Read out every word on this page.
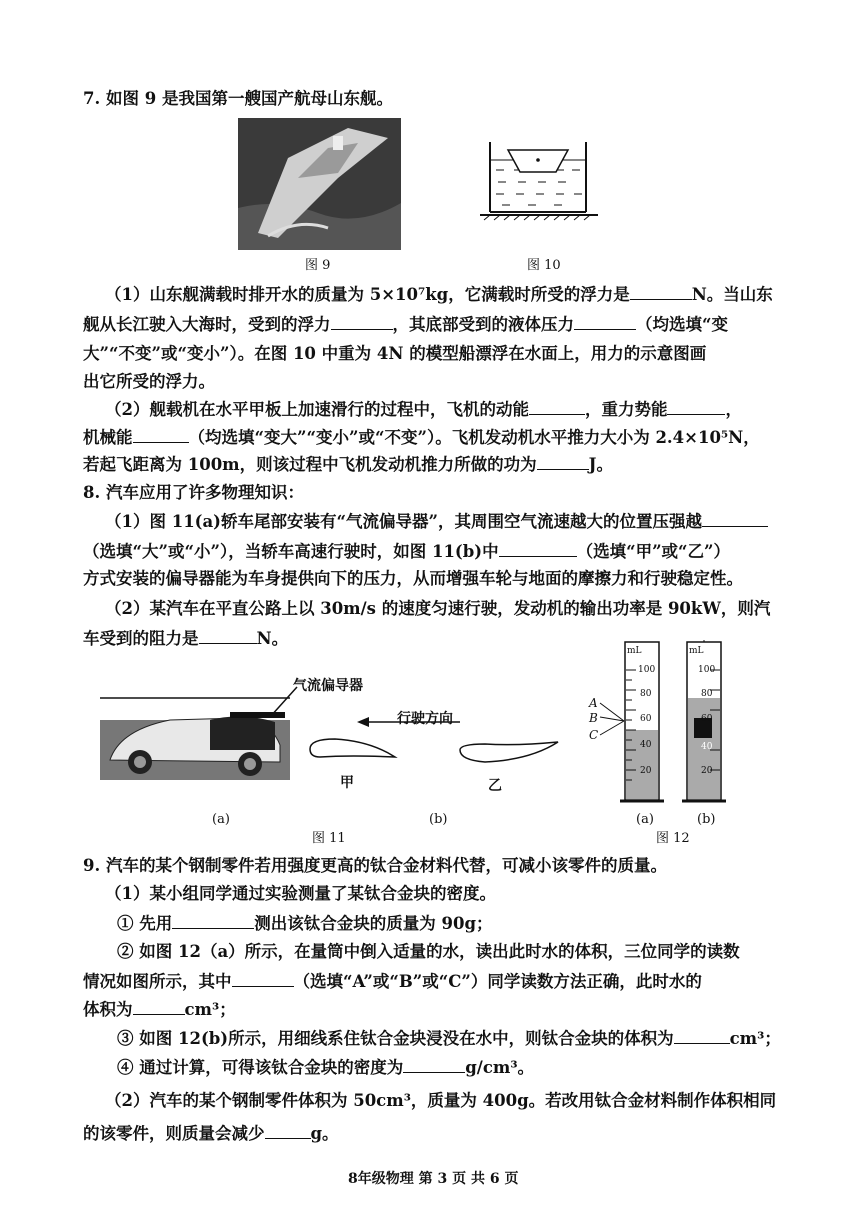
7. 如图 9 是我国第一艘国产航母山东舰。
图 9	图 10
（1）山东舰满载时排开水的质量为 5×10⁷kg，它满载时所受的浮力是	N。当山东
舰从长江驶入大海时，受到的浮力	，其底部受到的液体压力	（均选填“变
大”“不变”或“变小”）。在图 10 中重为 4N 的模型船漂浮在水面上，用力的示意图画
出它所受的浮力。
（2）舰载机在水平甲板上加速滑行的过程中，飞机的动能	，重力势能	，
机械能	（均选填“变大”“变小”或“不变”）。飞机发动机水平推力大小为 2.4×10⁵N，
若起飞距离为 100m，则该过程中飞机发动机推力所做的功为	J。
8. 汽车应用了许多物理知识：
（1）图 11(a)轿车尾部安装有“气流偏导器”，其周围空气流速越大的位置压强越
（选填“大”或“小”），当轿车高速行驶时，如图 11(b)中	（选填“甲”或“乙”）
方式安装的偏导器能为车身提供向下的压力，从而增强车轮与地面的摩擦力和行驶稳定性。
（2）某汽车在平直公路上以 30m/s 的速度匀速行驶，发动机的输出功率是 90kW，则汽
车受到的阻力是	N。
气流偏导器
(a)
行驶方向
甲	乙
(b)
图 11
mL
100
80
60
40
20
A
B
C
(a)
mL
100
80
60
40
20
(b)
图 12
9. 汽车的某个钢制零件若用强度更高的钛合金材料代替，可减小该零件的质量。
（1）某小组同学通过实验测量了某钛合金块的密度。
① 先用	测出该钛合金块的质量为 90g；
② 如图 12（a）所示，在量筒中倒入适量的水，读出此时水的体积，三位同学的读数
情况如图所示，其中	（选填“A”或“B”或“C”）同学读数方法正确，此时水的
体积为	cm³；
③ 如图 12(b)所示，用细线系住钛合金块浸没在水中，则钛合金块的体积为	cm³；
④ 通过计算，可得该钛合金块的密度为	g/cm³。
（2）汽车的某个钢制零件体积为 50cm³，质量为 400g。若改用钛合金材料制作体积相同
的该零件，则质量会减少	g。
8年级物理 第 3 页 共 6 页
